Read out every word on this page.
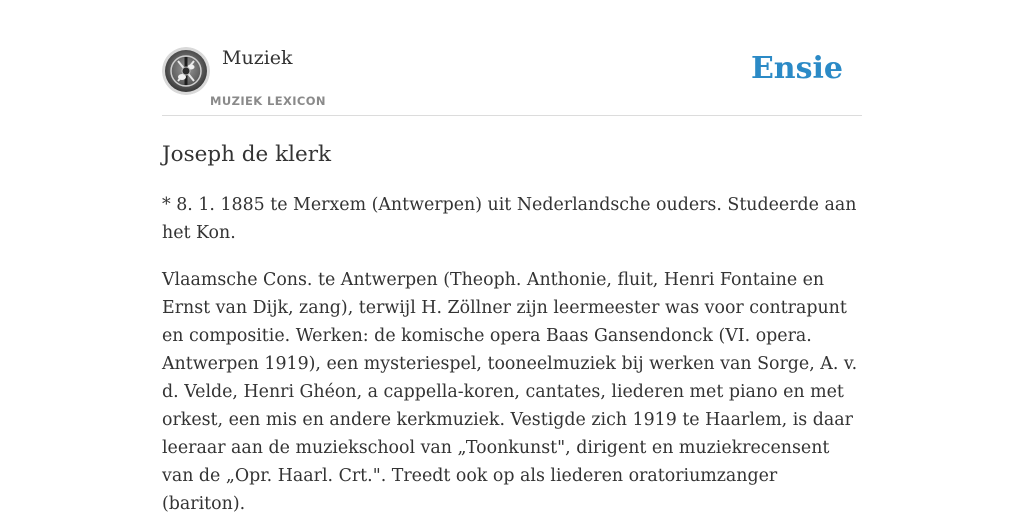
Muziek
MUZIEK LEXICON
Ensie
Joseph de klerk

* 8. 1. 1885 te Merxem (Antwerpen) uit Nederlandsche ouders. Studeerde aan het Kon.

Vlaamsche Cons. te Antwerpen (Theoph. Anthonie, fluit, Henri Fontaine en Ernst van Dijk, zang), terwijl H. Zöllner zijn leermeester was voor contrapunt en compositie. Werken: de komische opera Baas Gansendonck (VI. opera. Antwerpen 1919), een mysteriespel, tooneelmuziek bij werken van Sorge, A. v. d. Velde, Henri Ghéon, a cappella-koren, cantates, liederen met piano en met orkest, een mis en andere kerkmuziek. Vestigde zich 1919 te Haarlem, is daar leeraar aan de muziekschool van „Toonkunst", dirigent en muziekrecensent van de „Opr. Haarl. Crt.". Treedt ook op als liederen oratoriumzanger (bariton).
